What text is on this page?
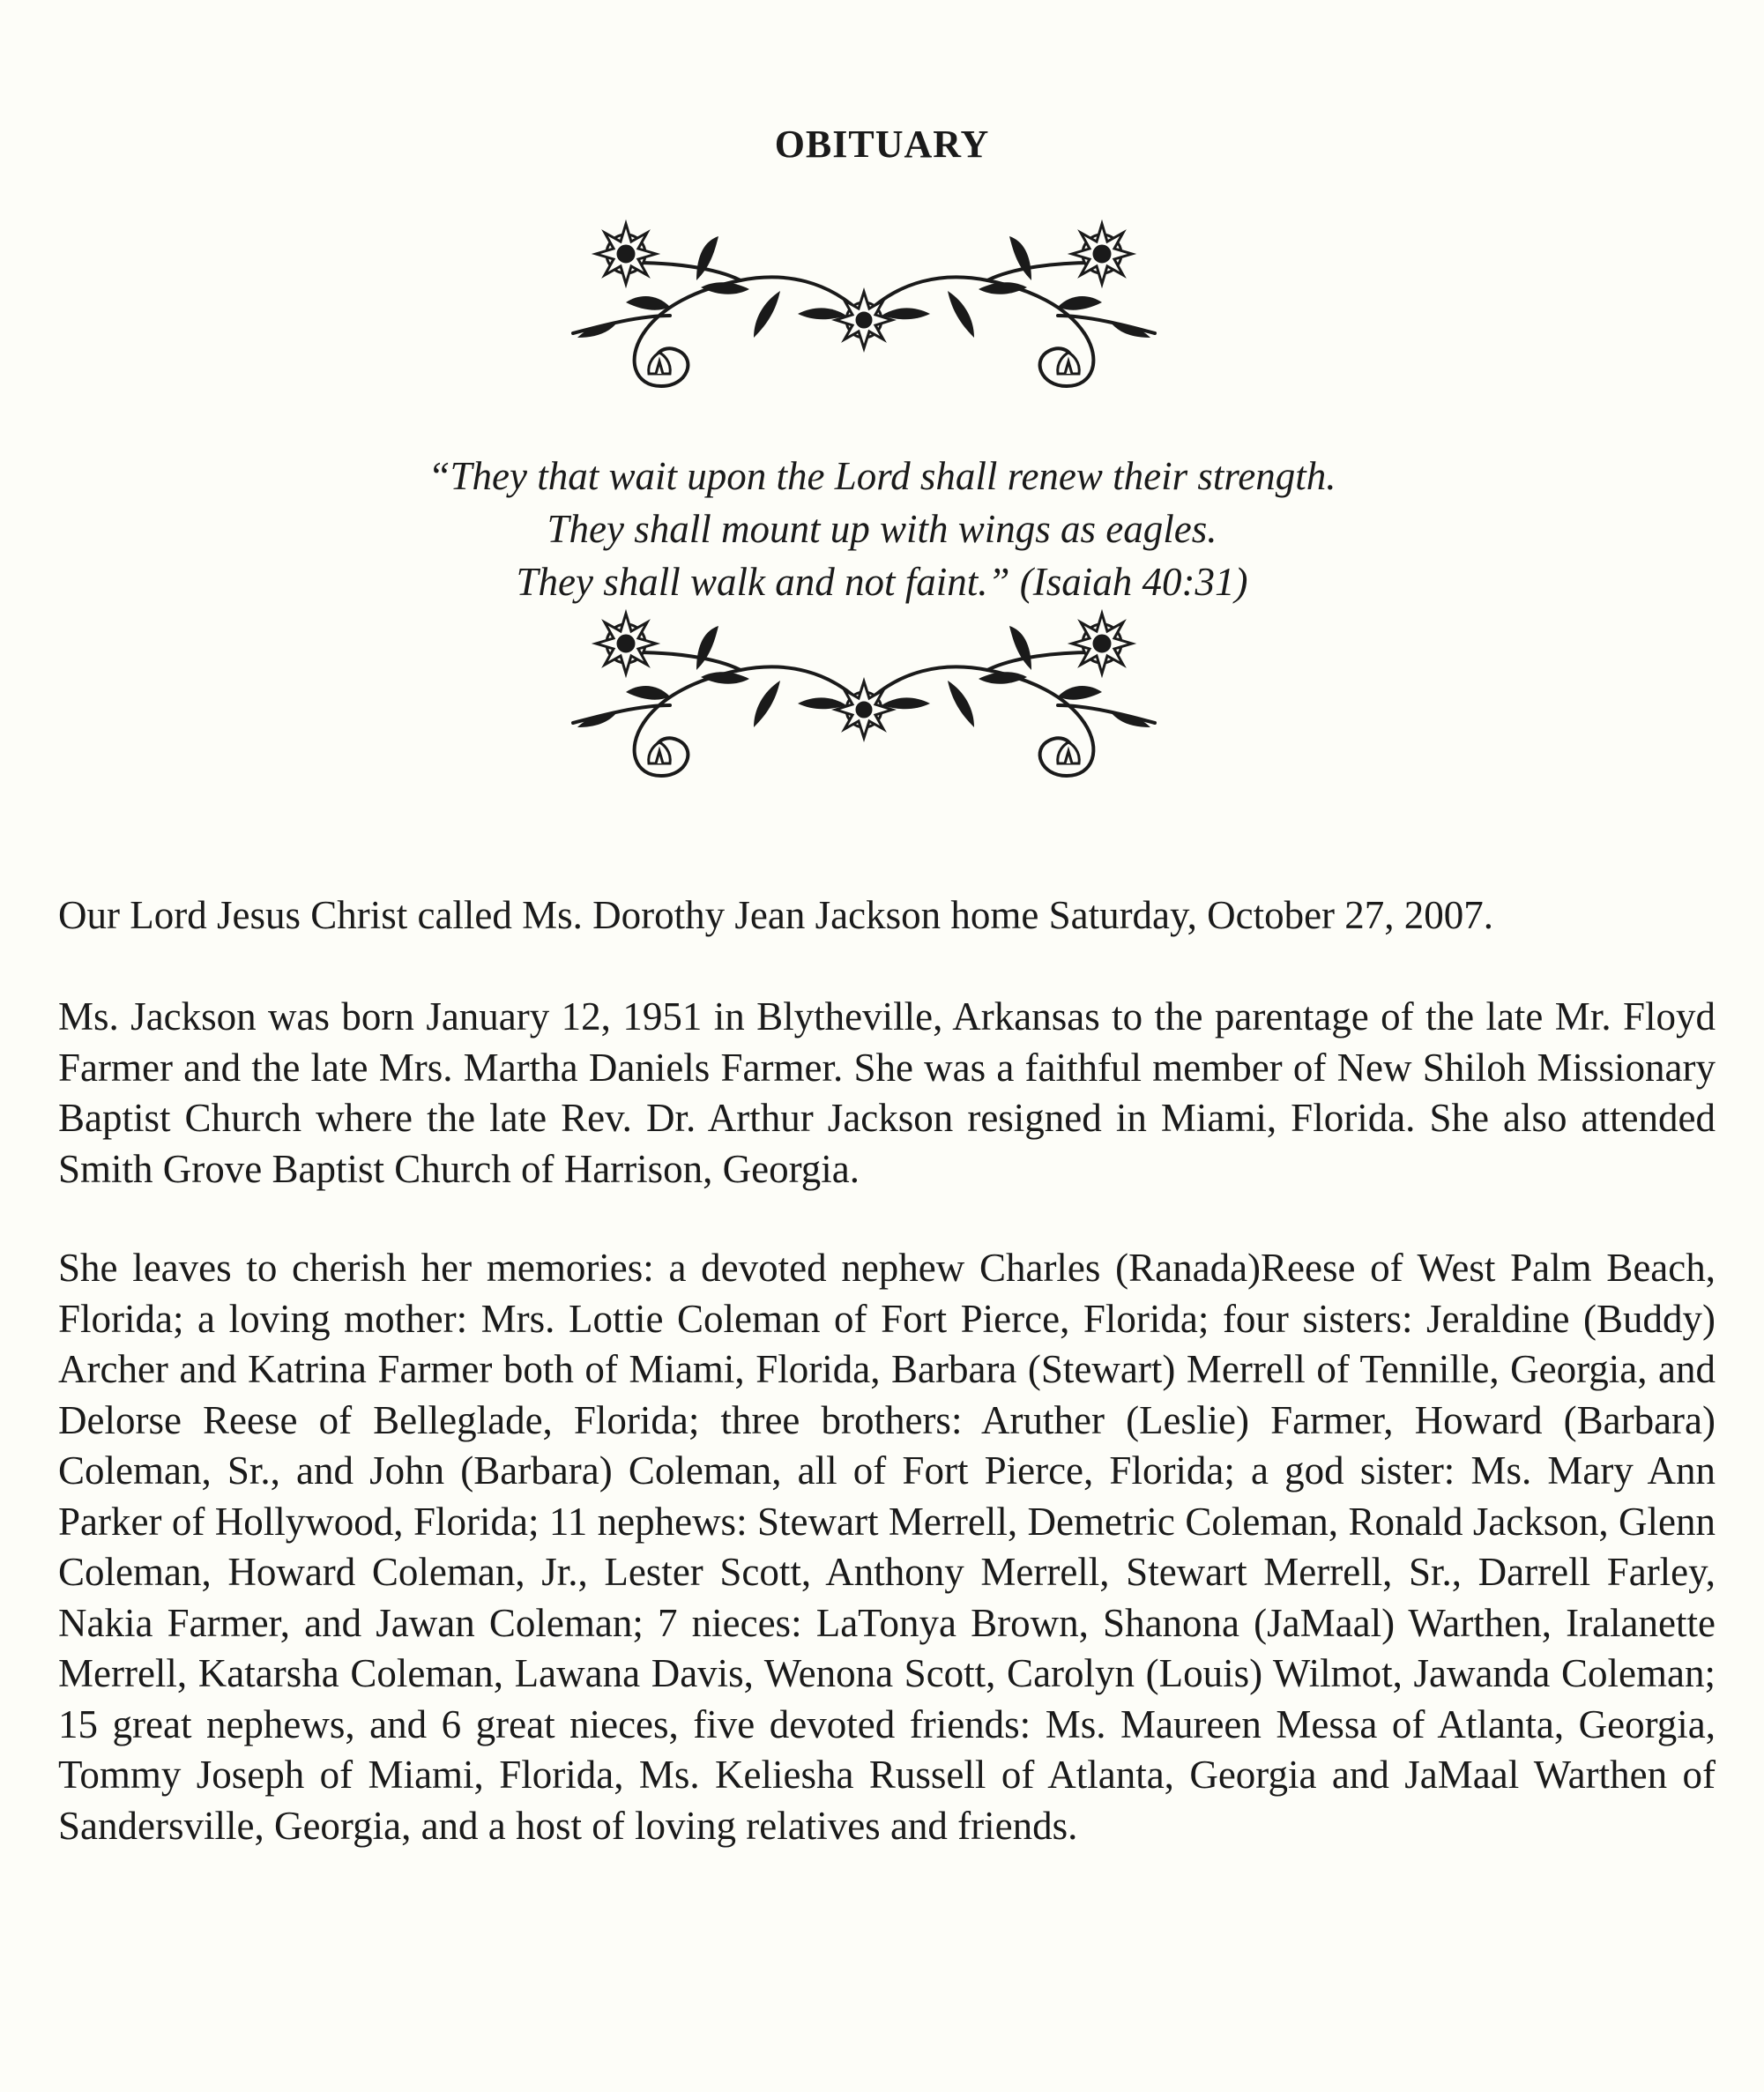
OBITUARY
“They that wait upon the Lord shall renew their strength.
They shall mount up with wings as eagles.
They shall walk and not faint.” (Isaiah 40:31)

Our Lord Jesus Christ called Ms. Dorothy Jean Jackson home Saturday, October 27, 2007.

Ms. Jackson was born January 12, 1951 in Blytheville, Arkansas to the parentage of the late Mr. Floyd Farmer and the late Mrs. Martha Daniels Farmer. She was a faithful member of New Shiloh Missionary Baptist Church where the late Rev. Dr. Arthur Jackson resigned in Miami, Florida. She also attended Smith Grove Baptist Church of Harrison, Georgia.

She leaves to cherish her memories: a devoted nephew Charles (Ranada)Reese of West Palm Beach, Florida; a loving mother: Mrs. Lottie Coleman of Fort Pierce, Florida; four sisters: Jeraldine (Buddy) Archer and Katrina Farmer both of Miami, Florida, Barbara (Stewart) Merrell of Tennille, Georgia, and Delorse Reese of Belleglade, Florida; three brothers: Aruther (Leslie) Farmer, Howard (Barbara) Coleman, Sr., and John (Barbara) Coleman, all of Fort Pierce, Florida; a god sister: Ms. Mary Ann Parker of Hollywood, Florida; 11 nephews: Stewart Merrell, Demetric Coleman, Ronald Jackson, Glenn Coleman, Howard Coleman, Jr., Lester Scott, Anthony Merrell, Stewart Merrell, Sr., Darrell Farley, Nakia Farmer, and Jawan Coleman; 7 nieces: LaTonya Brown, Shanona (JaMaal) Warthen, Iralanette Merrell, Katarsha Coleman, Lawana Davis, Wenona Scott, Carolyn (Louis) Wilmot, Jawanda Coleman; 15 great nephews, and 6 great nieces, five devoted friends: Ms. Maureen Messa of Atlanta, Georgia, Tommy Joseph of Miami, Florida, Ms. Keliesha Russell of Atlanta, Georgia and JaMaal Warthen of Sandersville, Georgia, and a host of loving relatives and friends.
